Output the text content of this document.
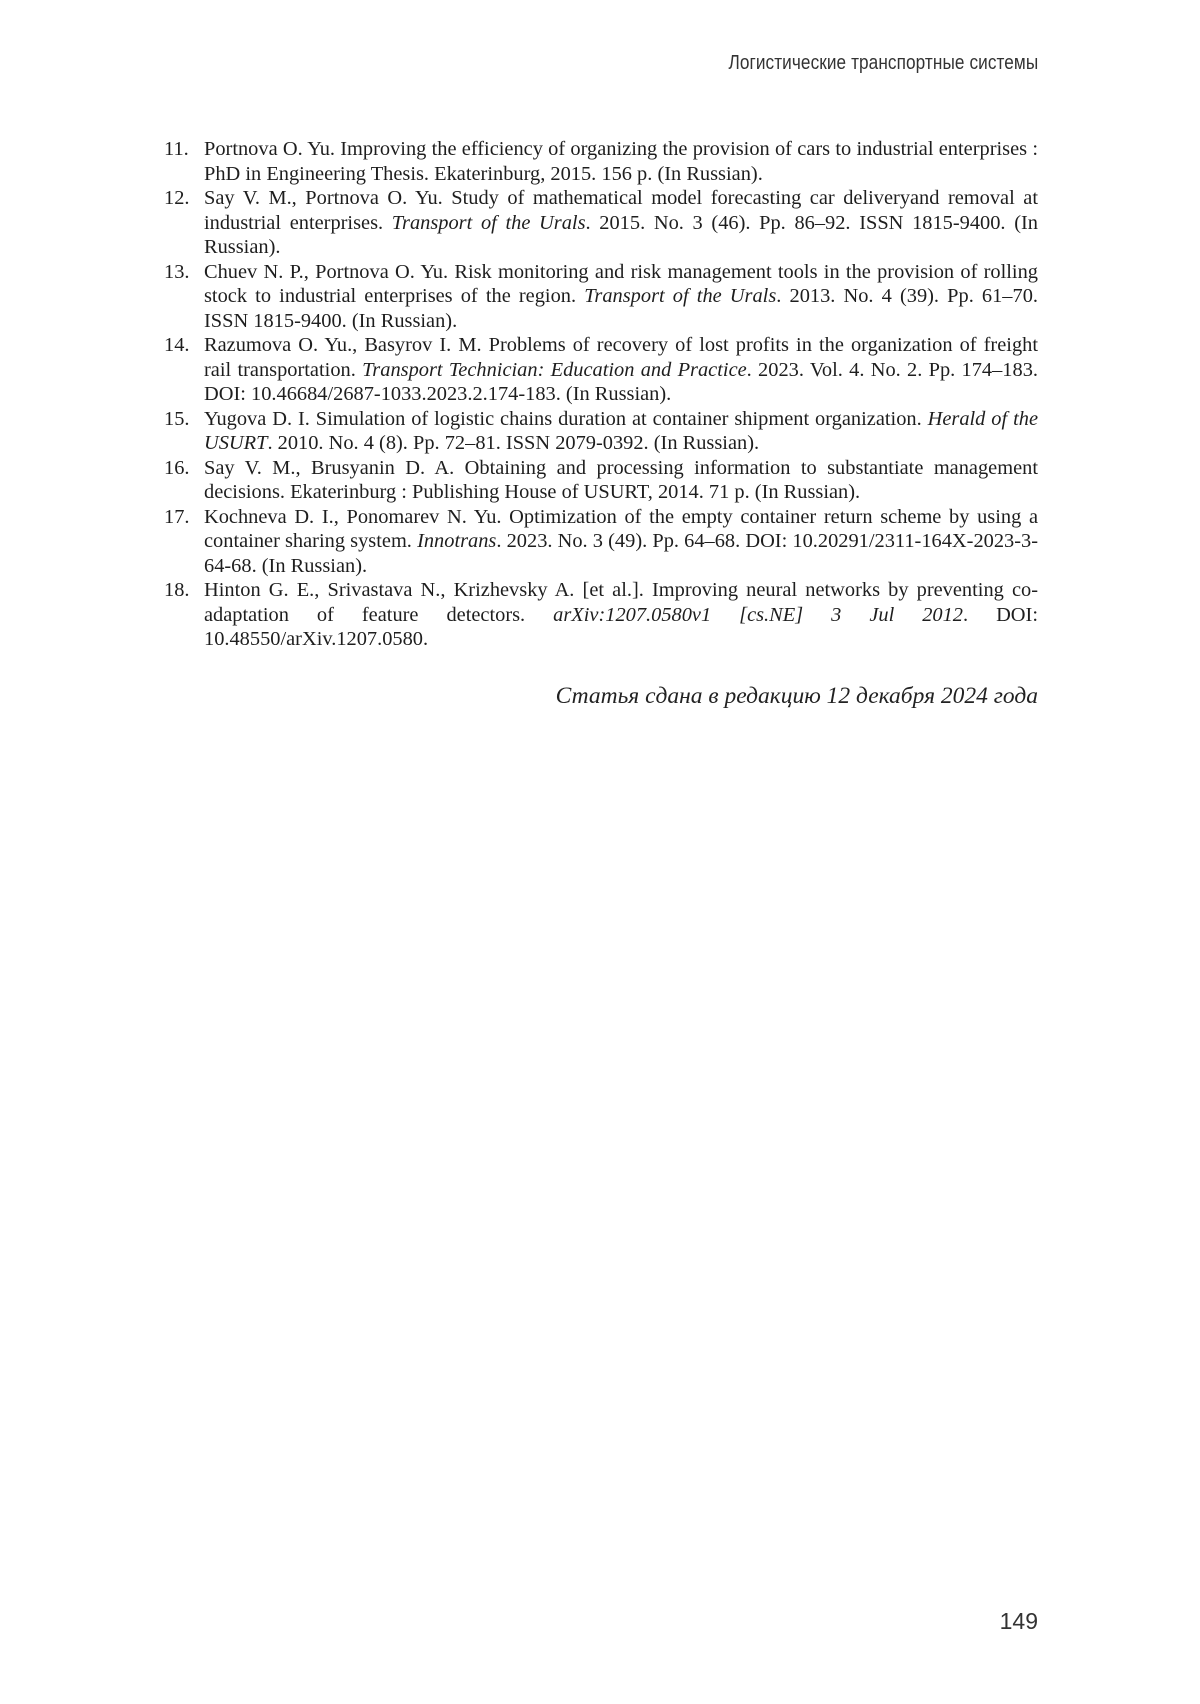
Логистические транспортные системы
11. Portnova O. Yu. Improving the efficiency of organizing the provision of cars to industrial enterprises : PhD in Engineering Thesis. Ekaterinburg, 2015. 156 p. (In Russian).
12. Say V. M., Portnova O. Yu. Study of mathematical model forecasting car deliveryand removal at industrial enterprises. Transport of the Urals. 2015. No. 3 (46). Pp. 86–92. ISSN 1815-9400. (In Russian).
13. Chuev N. P., Portnova O. Yu. Risk monitoring and risk management tools in the provision of rolling stock to industrial enterprises of the region. Transport of the Urals. 2013. No. 4 (39). Pp. 61–70. ISSN 1815-9400. (In Russian).
14. Razumova O. Yu., Basyrov I. M. Problems of recovery of lost profits in the organization of freight rail transportation. Transport Technician: Education and Practice. 2023. Vol. 4. No. 2. Pp. 174–183. DOI: 10.46684/2687-1033.2023.2.174-183. (In Russian).
15. Yugova D. I. Simulation of logistic chains duration at container shipment organization. Herald of the USURT. 2010. No. 4 (8). Pp. 72–81. ISSN 2079-0392. (In Russian).
16. Say V. M., Brusyanin D. A. Obtaining and processing information to substantiate management decisions. Ekaterinburg : Publishing House of USURT, 2014. 71 p. (In Russian).
17. Kochneva D. I., Ponomarev N. Yu. Optimization of the empty container return scheme by using a container sharing system. Innotrans. 2023. No. 3 (49). Pp. 64–68. DOI: 10.20291/2311-164X-2023-3-64-68. (In Russian).
18. Hinton G. E., Srivastava N., Krizhevsky A. [et al.]. Improving neural networks by preventing co-adaptation of feature detectors. arXiv:1207.0580v1 [cs.NE] 3 Jul 2012. DOI: 10.48550/arXiv.1207.0580.
Статья сдана в редакцию 12 декабря 2024 года
149
